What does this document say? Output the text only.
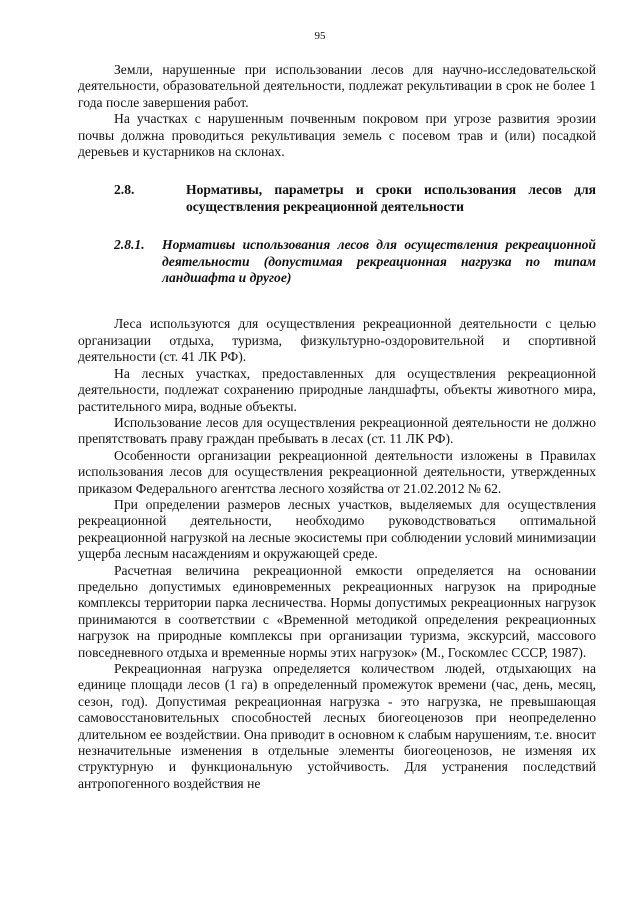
95

Земли, нарушенные при использовании лесов для научно-исследовательской деятельности, образовательной деятельности, подлежат рекультивации в срок не более 1 года после завершения работ.

На участках с нарушенным почвенным покровом при угрозе развития эрозии почвы должна проводиться рекультивация земель с посевом трав и (или) посадкой деревьев и кустарников на склонах.

2.8.	Нормативы, параметры и сроки использования лесов для осуществления рекреационной деятельности
2.8.1.	Нормативы использования лесов для осуществления рекреационной деятельности (допустимая рекреационная нагрузка по типам ландшафта и другое)

Леса используются для осуществления рекреационной деятельности с целью организации отдыха, туризма, физкультурно-оздоровительной и спортивной деятельности (ст. 41 ЛК РФ).

На лесных участках, предоставленных для осуществления рекреационной деятельности, подлежат сохранению природные ландшафты, объекты животного мира, растительного мира, водные объекты.

Использование лесов для осуществления рекреационной деятельности не должно препятствовать праву граждан пребывать в лесах (ст. 11 ЛК РФ).

Особенности организации рекреационной деятельности изложены в Правилах использования лесов для осуществления рекреационной деятельности, утвержденных приказом Федерального агентства лесного хозяйства от 21.02.2012 № 62.

При определении размеров лесных участков, выделяемых для осуществления рекреационной деятельности, необходимо руководствоваться оптимальной рекреационной нагрузкой на лесные экосистемы при соблюдении условий минимизации ущерба лесным насаждениям и окружающей среде.

Расчетная величина рекреационной емкости определяется на основании предельно допустимых единовременных рекреационных нагрузок на природные комплексы территории парка лесничества. Нормы допустимых рекреационных нагрузок принимаются в соответствии с «Временной методикой определения рекреационных нагрузок на природные комплексы при организации туризма, экскурсий, массового повседневного отдыха и временные нормы этих нагрузок» (М., Госкомлес СССР, 1987).

Рекреационная нагрузка определяется количеством людей, отдыхающих на единице площади лесов (1 га) в определенный промежуток времени (час, день, месяц, сезон, год). Допустимая рекреационная нагрузка - это нагрузка, не превышающая самовосстановительных способностей лесных биогеоценозов при неопределенно длительном ее воздействии. Она приводит в основном к слабым нарушениям, т.е. вносит незначительные изменения в отдельные элементы биогеоценозов, не изменяя их структурную и функциональную устойчивость. Для устранения последствий антропогенного воздействия не
